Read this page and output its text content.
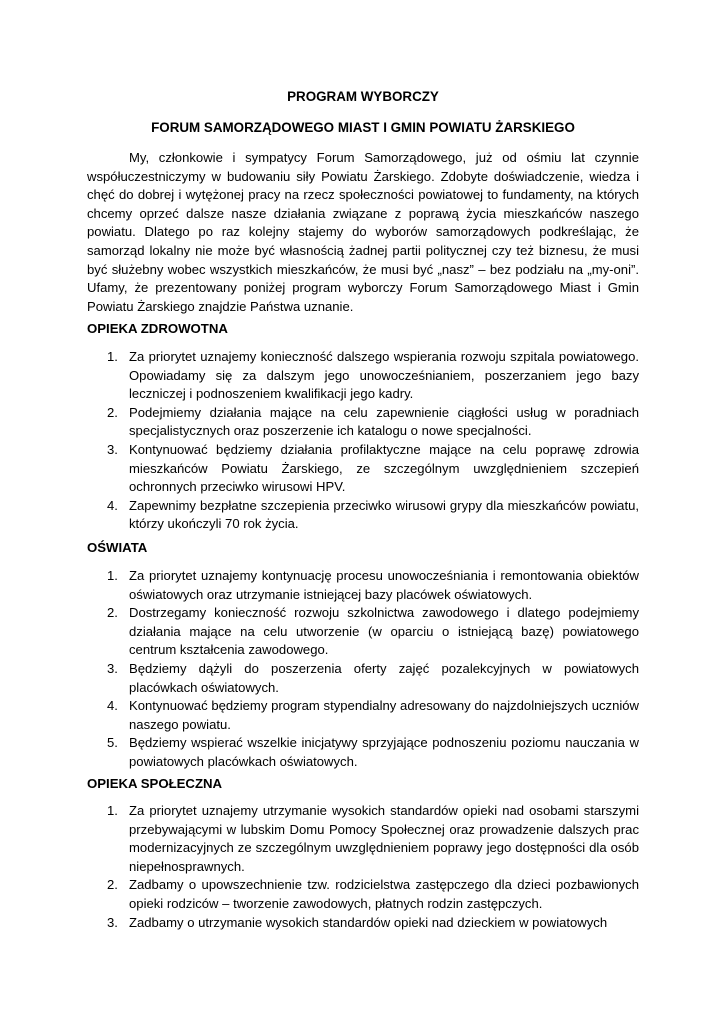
PROGRAM WYBORCZY
FORUM SAMORZĄDOWEGO MIAST I GMIN POWIATU ŻARSKIEGO

My, członkowie i sympatycy Forum Samorządowego, już od ośmiu lat czynnie współuczestniczymy w budowaniu siły Powiatu Żarskiego. Zdobyte doświadczenie, wiedza i chęć do dobrej i wytężonej pracy na rzecz społeczności powiatowej to fundamenty, na których chcemy oprzeć dalsze nasze działania związane z poprawą życia mieszkańców naszego powiatu. Dlatego po raz kolejny stajemy do wyborów samorządowych podkreślając, że samorząd lokalny nie może być własnością żadnej partii politycznej czy też biznesu, że musi być służebny wobec wszystkich mieszkańców, że musi być „nasz” – bez podziału na „my-oni”. Ufamy, że prezentowany poniżej program wyborczy Forum Samorządowego Miast i Gmin Powiatu Żarskiego znajdzie Państwa uznanie.

OPIEKA ZDROWOTNA
1. Za priorytet uznajemy konieczność dalszego wspierania rozwoju szpitala powiatowego. Opowiadamy się za dalszym jego unowocześnianiem, poszerzaniem jego bazy leczniczej i podnoszeniem kwalifikacji jego kadry.
2. Podejmiemy działania mające na celu zapewnienie ciągłości usług w poradniach specjalistycznych oraz poszerzenie ich katalogu o nowe specjalności.
3. Kontynuować będziemy działania profilaktyczne mające na celu poprawę zdrowia mieszkańców Powiatu Żarskiego, ze szczególnym uwzględnieniem szczepień ochronnych przeciwko wirusowi HPV.
4. Zapewnimy bezpłatne szczepienia przeciwko wirusowi grypy dla mieszkańców powiatu, którzy ukończyli 70 rok życia.
OŚWIATA
1. Za priorytet uznajemy kontynuację procesu unowocześniania i remontowania obiektów oświatowych oraz utrzymanie istniejącej bazy placówek oświatowych.
2. Dostrzegamy konieczność rozwoju szkolnictwa zawodowego i dlatego podejmiemy działania mające na celu utworzenie (w oparciu o istniejącą bazę) powiatowego centrum kształcenia zawodowego.
3. Będziemy dążyli do poszerzenia oferty zajęć pozalekcyjnych w powiatowych placówkach oświatowych.
4. Kontynuować będziemy program stypendialny adresowany do najzdolniejszych uczniów naszego powiatu.
5. Będziemy wspierać wszelkie inicjatywy sprzyjające podnoszeniu poziomu nauczania w powiatowych placówkach oświatowych.
OPIEKA SPOŁECZNA
1. Za priorytet uznajemy utrzymanie wysokich standardów opieki nad osobami starszymi przebywającymi w lubskim Domu Pomocy Społecznej oraz prowadzenie dalszych prac modernizacyjnych ze szczególnym uwzględnieniem poprawy jego dostępności dla osób niepełnosprawnych.
2. Zadbamy o upowszechnienie tzw. rodzicielstwa zastępczego dla dzieci pozbawionych opieki rodziców – tworzenie zawodowych, płatnych rodzin zastępczych.
3. Zadbamy o utrzymanie wysokich standardów opieki nad dzieckiem w powiatowych
